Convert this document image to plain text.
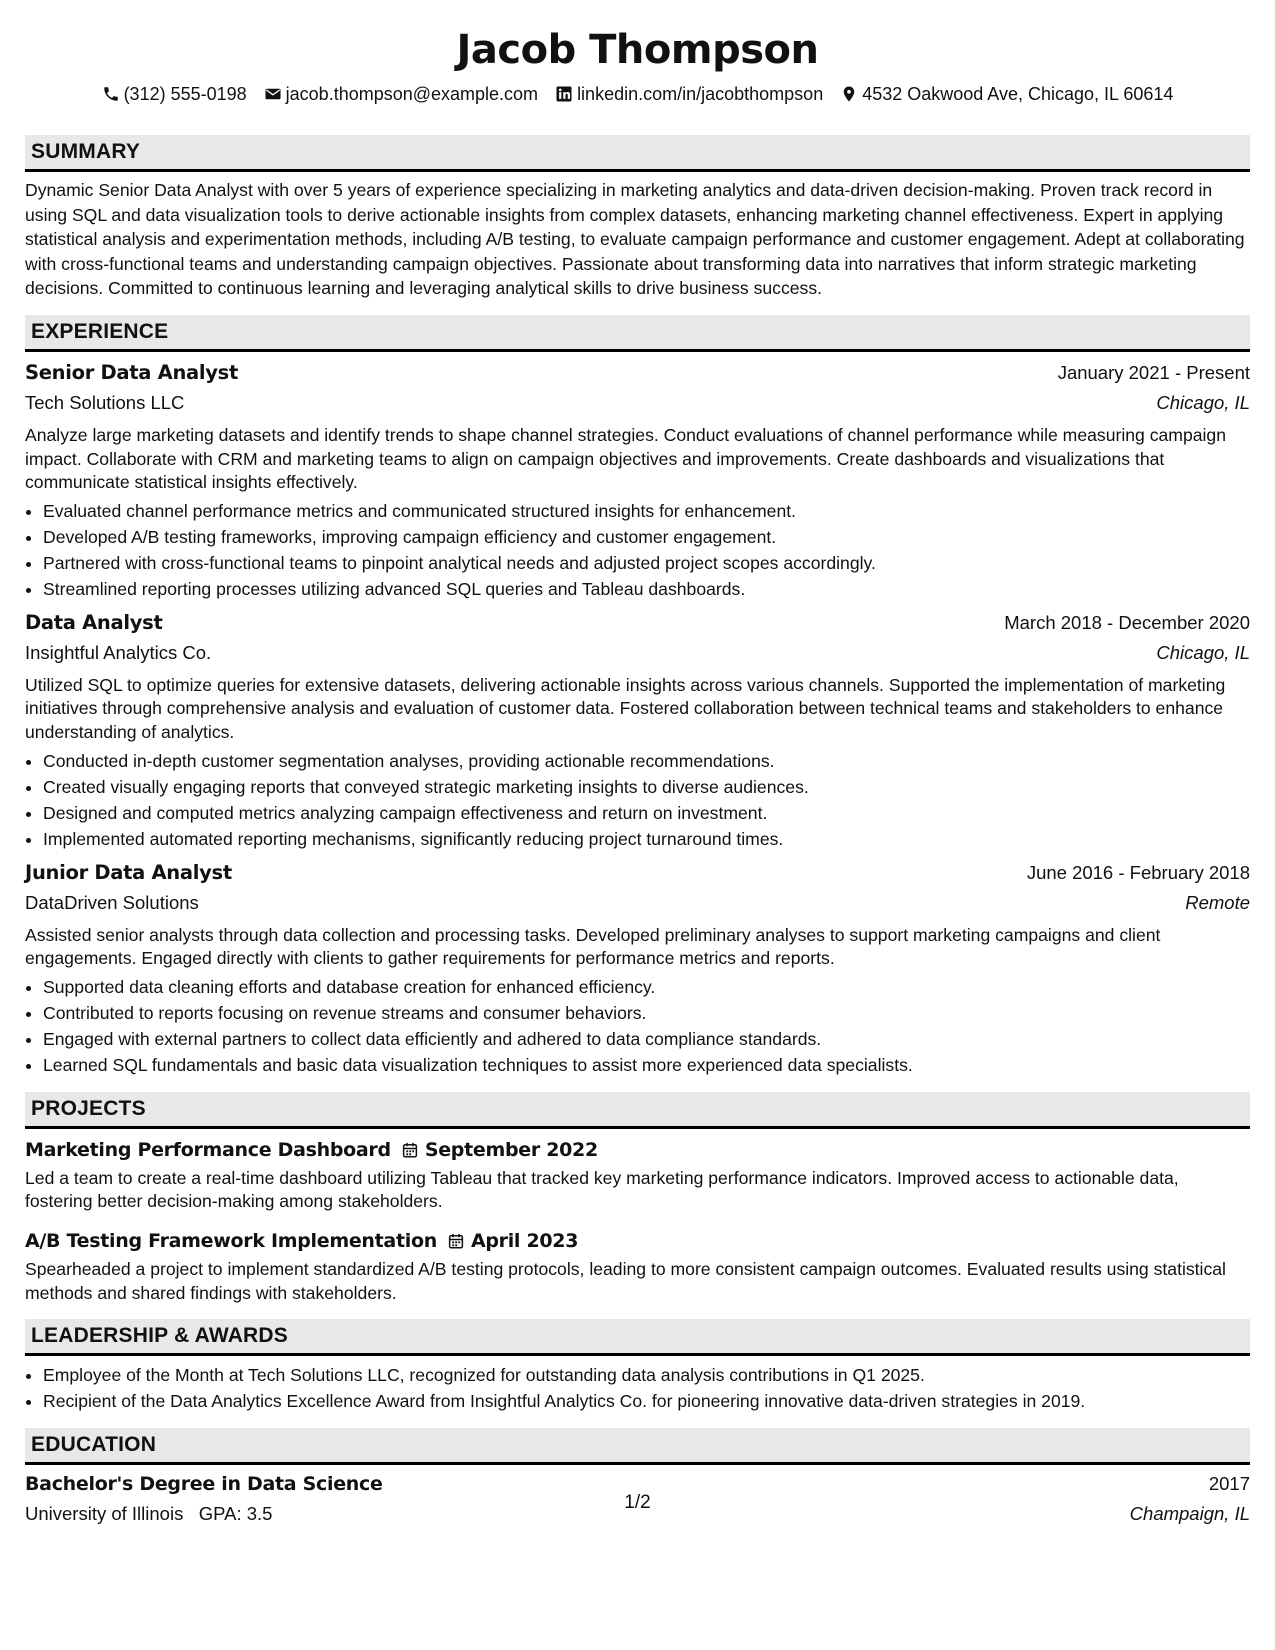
Jacob Thompson
(312) 555-0198 jacob.thompson@example.com linkedin.com/in/jacobthompson 4532 Oakwood Ave, Chicago, IL 60614
SUMMARY
Dynamic Senior Data Analyst with over 5 years of experience specializing in marketing analytics and data-driven decision-making. Proven track record in using SQL and data visualization tools to derive actionable insights from complex datasets, enhancing marketing channel effectiveness. Expert in applying statistical analysis and experimentation methods, including A/B testing, to evaluate campaign performance and customer engagement. Adept at collaborating with cross-functional teams and understanding campaign objectives. Passionate about transforming data into narratives that inform strategic marketing decisions. Committed to continuous learning and leveraging analytical skills to drive business success.
EXPERIENCE
Senior Data Analyst	January 2021 - Present
Tech Solutions LLC	Chicago, IL
Analyze large marketing datasets and identify trends to shape channel strategies. Conduct evaluations of channel performance while measuring campaign impact. Collaborate with CRM and marketing teams to align on campaign objectives and improvements. Create dashboards and visualizations that communicate statistical insights effectively.
• Evaluated channel performance metrics and communicated structured insights for enhancement.
• Developed A/B testing frameworks, improving campaign efficiency and customer engagement.
• Partnered with cross-functional teams to pinpoint analytical needs and adjusted project scopes accordingly.
• Streamlined reporting processes utilizing advanced SQL queries and Tableau dashboards.
Data Analyst	March 2018 - December 2020
Insightful Analytics Co.	Chicago, IL
Utilized SQL to optimize queries for extensive datasets, delivering actionable insights across various channels. Supported the implementation of marketing initiatives through comprehensive analysis and evaluation of customer data. Fostered collaboration between technical teams and stakeholders to enhance understanding of analytics.
• Conducted in-depth customer segmentation analyses, providing actionable recommendations.
• Created visually engaging reports that conveyed strategic marketing insights to diverse audiences.
• Designed and computed metrics analyzing campaign effectiveness and return on investment.
• Implemented automated reporting mechanisms, significantly reducing project turnaround times.
Junior Data Analyst	June 2016 - February 2018
DataDriven Solutions	Remote
Assisted senior analysts through data collection and processing tasks. Developed preliminary analyses to support marketing campaigns and client engagements. Engaged directly with clients to gather requirements for performance metrics and reports.
• Supported data cleaning efforts and database creation for enhanced efficiency.
• Contributed to reports focusing on revenue streams and consumer behaviors.
• Engaged with external partners to collect data efficiently and adhered to data compliance standards.
• Learned SQL fundamentals and basic data visualization techniques to assist more experienced data specialists.
PROJECTS
Marketing Performance Dashboard September 2022
Led a team to create a real-time dashboard utilizing Tableau that tracked key marketing performance indicators. Improved access to actionable data, fostering better decision-making among stakeholders.
A/B Testing Framework Implementation April 2023
Spearheaded a project to implement standardized A/B testing protocols, leading to more consistent campaign outcomes. Evaluated results using statistical methods and shared findings with stakeholders.
LEADERSHIP & AWARDS
• Employee of the Month at Tech Solutions LLC, recognized for outstanding data analysis contributions in Q1 2025.
• Recipient of the Data Analytics Excellence Award from Insightful Analytics Co. for pioneering innovative data-driven strategies in 2019.
EDUCATION
Bachelor's Degree in Data Science	2017
University of Illinois GPA: 3.5	Champaign, IL
1/2
